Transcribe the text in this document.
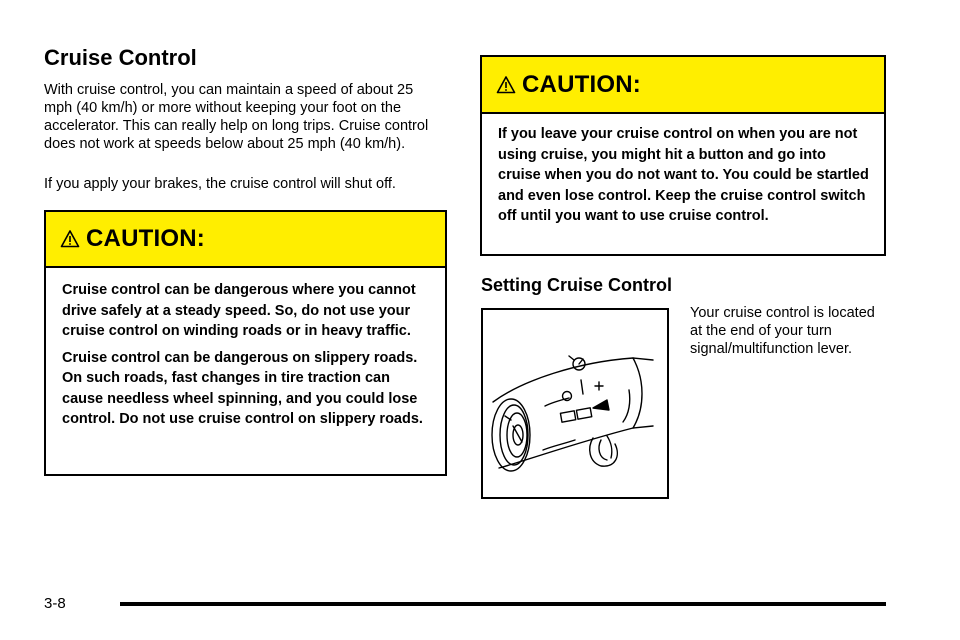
Cruise Control

With cruise control, you can maintain a speed of about 25 mph (40 km/h) or more without keeping your foot on the accelerator. This can really help on long trips. Cruise control does not work at speeds below about 25 mph (40 km/h).

If you apply your brakes, the cruise control will shut off.

CAUTION:

Cruise control can be dangerous where you cannot drive safely at a steady speed. So, do not use your cruise control on winding roads or in heavy traffic.

Cruise control can be dangerous on slippery roads. On such roads, fast changes in tire traction can cause needless wheel spinning, and you could lose control. Do not use cruise control on slippery roads.

CAUTION:

If you leave your cruise control on when you are not using cruise, you might hit a button and go into cruise when you do not want to. You could be startled and even lose control. Keep the cruise control switch off until you want to use cruise control.

Setting Cruise Control

Your cruise control is located at the end of your turn signal/multifunction lever.

3-8
